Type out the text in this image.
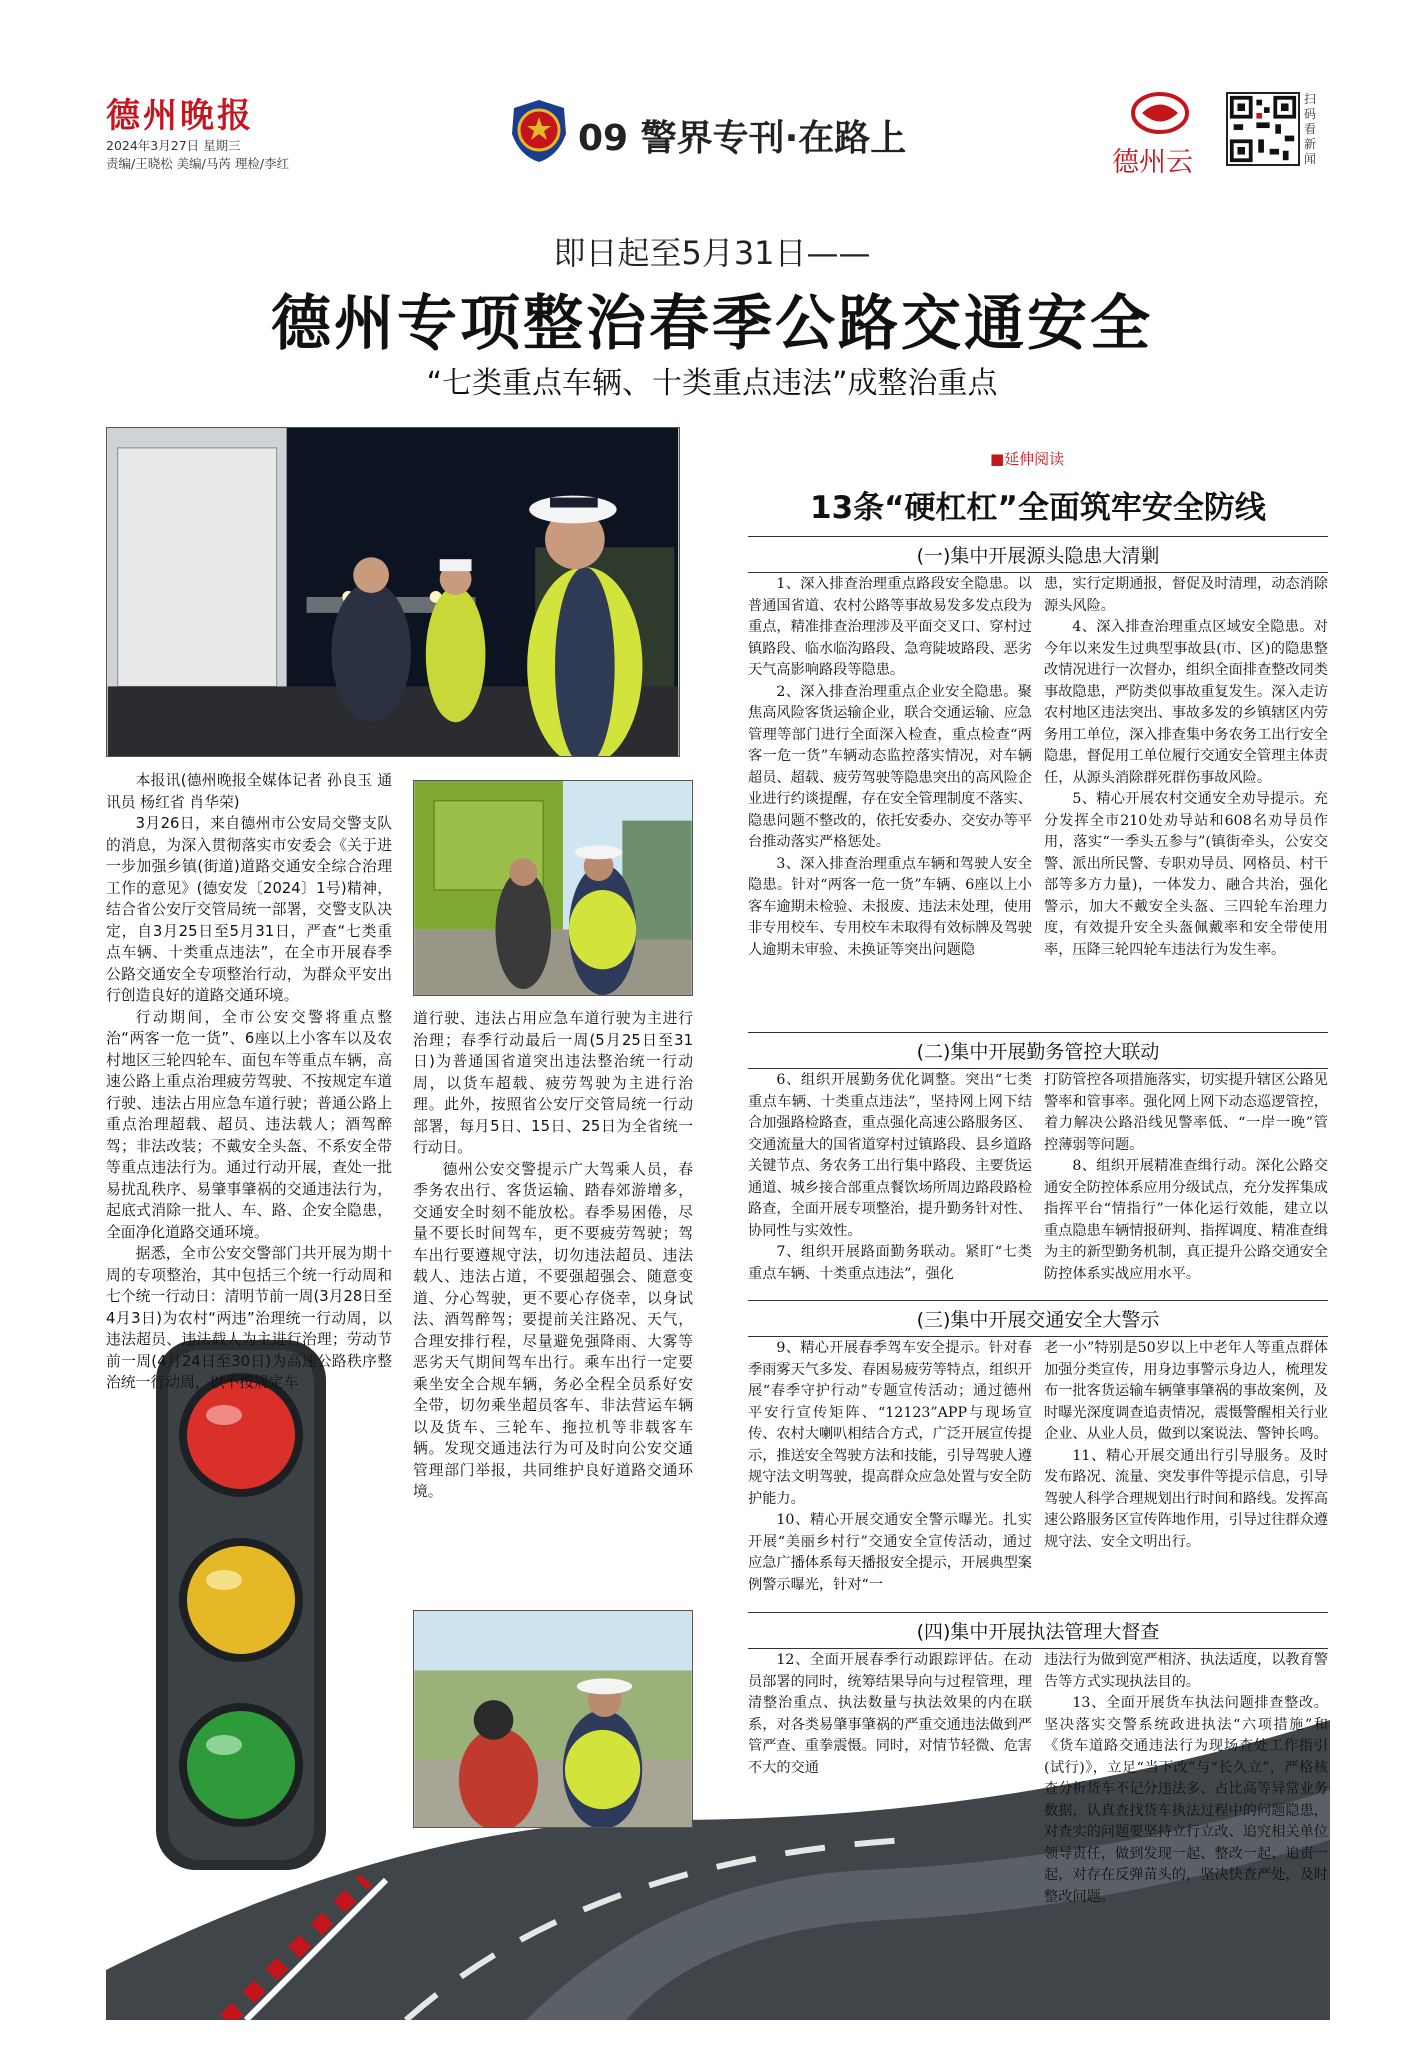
德州晚报
2024年3月27日 星期三
责编/王晓松 美编/马芮 理检/李红
09 警界专刊·在路上
德州云
扫码看新闻
即日起至5月31日——
德州专项整治春季公路交通安全
“七类重点车辆、十类重点违法”成整治重点

本报讯(德州晚报全媒体记者 孙良玉 通讯员 杨红省 肖华荣)

3月26日，来自德州市公安局交警支队的消息，为深入贯彻落实市安委会《关于进一步加强乡镇(街道)道路交通安全综合治理工作的意见》(德安发〔2024〕1号)精神，结合省公安厅交管局统一部署，交警支队决定，自3月25日至5月31日，严查“七类重点车辆、十类重点违法”，在全市开展春季公路交通安全专项整治行动，为群众平安出行创造良好的道路交通环境。

行动期间，全市公安交警将重点整治“两客一危一货”、6座以上小客车以及农村地区三轮四轮车、面包车等重点车辆，高速公路上重点治理疲劳驾驶、不按规定车道行驶、违法占用应急车道行驶；普通公路上重点治理超载、超员、违法载人；酒驾醉驾；非法改装；不戴安全头盔、不系安全带等重点违法行为。通过行动开展，查处一批易扰乱秩序、易肇事肇祸的交通违法行为，起底式消除一批人、车、路、企安全隐患，全面净化道路交通环境。

据悉，全市公安交警部门共开展为期十周的专项整治，其中包括三个统一行动周和七个统一行动日：清明节前一周(3月28日至4月3日)为农村“两违”治理统一行动周，以违法超员、违法载人为主进行治理；劳动节前一周(4月24日至30日)为高速公路秩序整治统一行动周，以不按规定车

道行驶、违法占用应急车道行驶为主进行治理；春季行动最后一周(5月25日至31日)为普通国省道突出违法整治统一行动周，以货车超载、疲劳驾驶为主进行治理。此外，按照省公安厅交管局统一行动部署，每月5日、15日、25日为全省统一行动日。

德州公安交警提示广大驾乘人员，春季务农出行、客货运输、踏春郊游增多，交通安全时刻不能放松。春季易困倦，尽量不要长时间驾车，更不要疲劳驾驶；驾车出行要遵规守法，切勿违法超员、违法载人、违法占道，不要强超强会、随意变道、分心驾驶，更不要心存侥幸，以身试法、酒驾醉驾；要提前关注路况、天气，合理安排行程，尽量避免强降雨、大雾等恶劣天气期间驾车出行。乘车出行一定要乘坐安全合规车辆，务必全程全员系好安全带，切勿乘坐超员客车、非法营运车辆以及货车、三轮车、拖拉机等非载客车辆。发现交通违法行为可及时向公安交通管理部门举报，共同维护良好道路交通环境。

■延伸阅读
13条“硬杠杠”全面筑牢安全防线
(一)集中开展源头隐患大清剿

1、深入排查治理重点路段安全隐患。以普通国省道、农村公路等事故易发多发点段为重点，精准排查治理涉及平面交叉口、穿村过镇路段、临水临沟路段、急弯陡坡路段、恶劣天气高影响路段等隐患。

2、深入排查治理重点企业安全隐患。聚焦高风险客货运输企业，联合交通运输、应急管理等部门进行全面深入检查，重点检查“两客一危一货”车辆动态监控落实情况，对车辆超员、超载、疲劳驾驶等隐患突出的高风险企业进行约谈提醒，存在安全管理制度不落实、隐患问题不整改的，依托安委办、交安办等平台推动落实严格惩处。

3、深入排查治理重点车辆和驾驶人安全隐患。针对“两客一危一货”车辆、6座以上小客车逾期未检验、未报废、违法未处理，使用非专用校车、专用校车未取得有效标牌及驾驶人逾期未审验、未换证等突出问题隐

患，实行定期通报，督促及时清理，动态消除源头风险。

4、深入排查治理重点区域安全隐患。对今年以来发生过典型事故县(市、区)的隐患整改情况进行一次督办，组织全面排查整改同类事故隐患，严防类似事故重复发生。深入走访农村地区违法突出、事故多发的乡镇辖区内劳务用工单位，深入排查集中务农务工出行安全隐患，督促用工单位履行交通安全管理主体责任，从源头消除群死群伤事故风险。

5、精心开展农村交通安全劝导提示。充分发挥全市210处劝导站和608名劝导员作用，落实“一季头五参与”(镇街牵头，公安交警、派出所民警、专职劝导员、网格员、村干部等多方力量)，一体发力、融合共治，强化警示，加大不戴安全头盔、三四轮车治理力度，有效提升安全头盔佩戴率和安全带使用率，压降三轮四轮车违法行为发生率。

(二)集中开展勤务管控大联动

6、组织开展勤务优化调整。突出“七类重点车辆、十类重点违法”，坚持网上网下结合加强路检路查，重点强化高速公路服务区、交通流量大的国省道穿村过镇路段、县乡道路关键节点、务农务工出行集中路段、主要货运通道、城乡接合部重点餐饮场所周边路段路检路查，全面开展专项整治，提升勤务针对性、协同性与实效性。

7、组织开展路面勤务联动。紧盯“七类重点车辆、十类重点违法”，强化

打防管控各项措施落实，切实提升辖区公路见警率和管事率。强化网上网下动态巡逻管控，着力解决公路沿线见警率低、“一岸一晚”管控薄弱等问题。

8、组织开展精准查缉行动。深化公路交通安全防控体系应用分级试点，充分发挥集成指挥平台“情指行”一体化运行效能，建立以重点隐患车辆情报研判、指挥调度、精准查缉为主的新型勤务机制，真正提升公路交通安全防控体系实战应用水平。

(三)集中开展交通安全大警示

9、精心开展春季驾车安全提示。针对春季雨雾天气多发、春困易疲劳等特点，组织开展“春季守护行动”专题宣传活动；通过德州平安行宣传矩阵、“12123”APP与现场宣传、农村大喇叭相结合方式，广泛开展宣传提示，推送安全驾驶方法和技能，引导驾驶人遵规守法文明驾驶，提高群众应急处置与安全防护能力。

10、精心开展交通安全警示曝光。扎实开展“美丽乡村行”交通安全宣传活动，通过应急广播体系每天播报安全提示，开展典型案例警示曝光，针对“一

老一小”特别是50岁以上中老年人等重点群体加强分类宣传，用身边事警示身边人，梳理发布一批客货运输车辆肇事肇祸的事故案例，及时曝光深度调查追责情况，震慑警醒相关行业企业、从业人员，做到以案说法、警钟长鸣。

11、精心开展交通出行引导服务。及时发布路况、流量、突发事件等提示信息，引导驾驶人科学合理规划出行时间和路线。发挥高速公路服务区宣传阵地作用，引导过往群众遵规守法、安全文明出行。

(四)集中开展执法管理大督查

12、全面开展春季行动跟踪评估。在动员部署的同时，统筹结果导向与过程管理，理清整治重点、执法数量与执法效果的内在联系，对各类易肇事肇祸的严重交通违法做到严管严查、重拳震慑。同时，对情节轻微、危害不大的交通

违法行为做到宽严相济、执法适度，以教育警告等方式实现执法目的。

13、全面开展货车执法问题排查整改。坚决落实交警系统政进执法“六项措施”和《货车道路交通违法行为现场查处工作指引(试行)》，立足“当下改”与“长久立”，严格核查分析货车不记分违法多、占比高等异常业务数据，认真查找货车执法过程中的问题隐患，对查实的问题要坚持立行立改、追究相关单位领导责任，做到发现一起、整改一起、追责一起，对存在反弹苗头的，坚决快查严处，及时整改问题。
